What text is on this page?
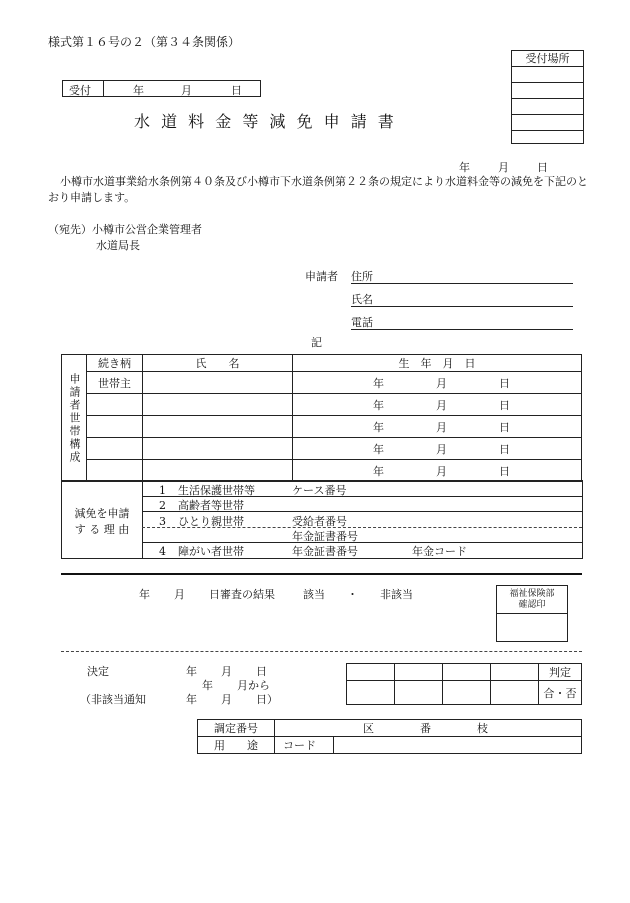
様式第１６号の２（第３４条関係）
受付場所
受付	年	月	日
水 道 料 金 等 減 免 申 請 書
年	月	日
小樽市水道事業給水条例第４０条及び小樽市下水道条例第２２条の規定により水道料金等の減免を下記のとおり申請します。
（宛先）小樽市公営企業管理者
水道局長
申請者 住所
氏名
電話
記
申請者世帯構成	続き柄	氏　　名	生　年　月　日
	世帯主		年 月 日
			年 月 日
			年 月 日
			年 月 日
			年 月 日
減免を申請
す る 理 由
1 生活保護世帯等	ケース番号
2 高齢者等世帯
3 ひとり親世帯	受給者番号
年金証書番号
4 障がい者世帯	年金証書番号	年金コード
年 月 日審査の結果	該当 ・ 非該当	福祉保険部
確認印
決定	年 月 日
年 月から
（非該当通知	年 月 日）
				判定
				合・否
調定番号	区 番 枝	
用　　途	コード	
